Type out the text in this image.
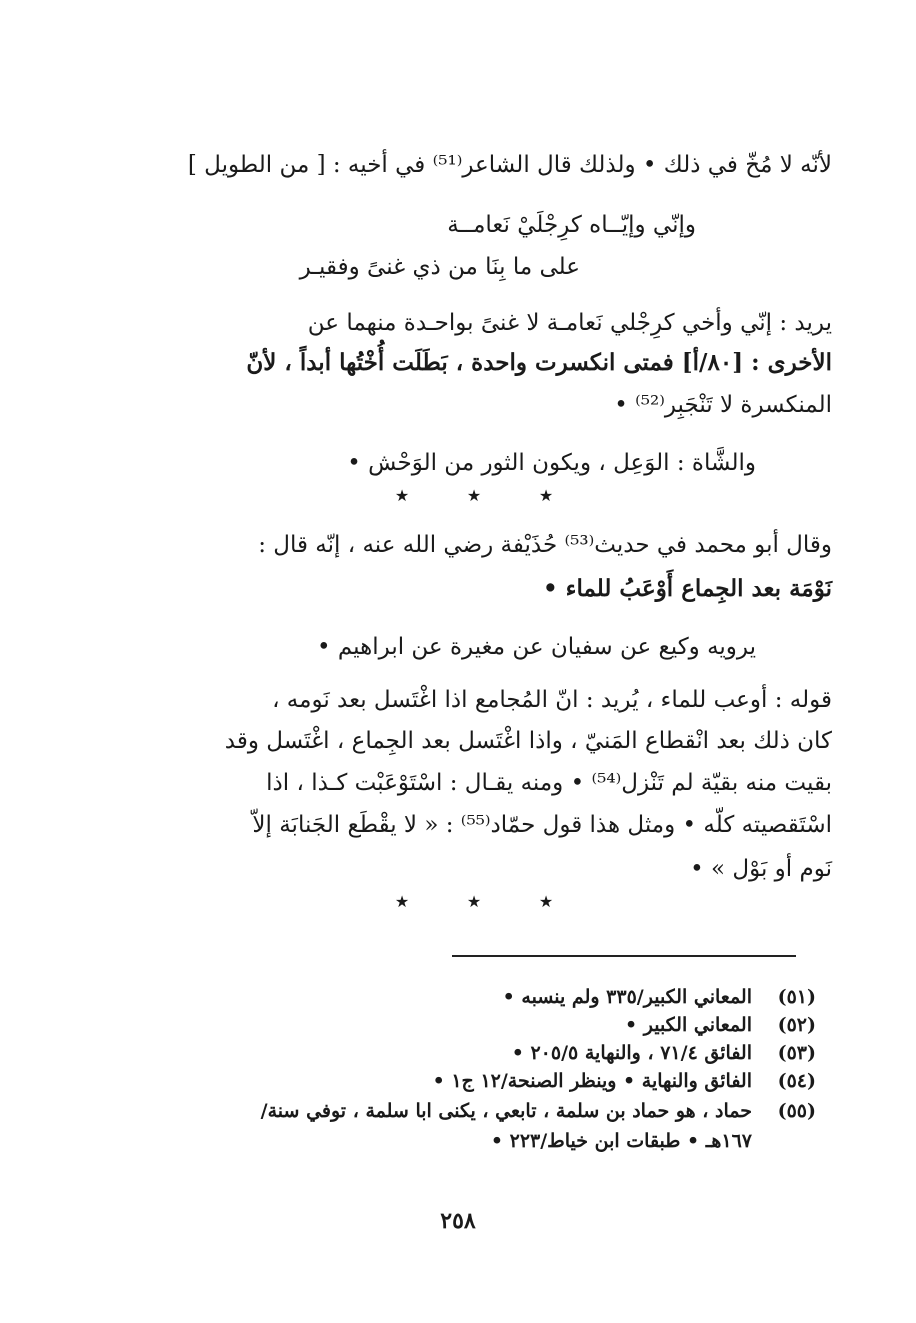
لأنّه لا مُخّ في ذلك • ولذلك قال الشاعر⁽⁵¹⁾ في أخيه : [ من الطويل ]
وإنّي وإيّــاه كرِجْلَيْ نَعامــة
على ما بِنَا من ذي غنىً وفقيـر
يريد : إنّي وأخي كرِجْلي نَعامـة لا غنىً بواحـدة منهما عن
الأخرى : [٨٠/أ] فمتى انكسرت واحدة ، بَطَلَت أُخْتُها أبداً ، لأنّ
المنكسرة لا تَنْجَبِر⁽⁵²⁾ •
والشَّاة : الوَعِل ، ويكون الثور من الوَحْش •
★	★	★
وقال أبو محمد في حديث⁽⁵³⁾ حُذَيْفة رضي الله عنه ، إنّه قال :
نَوْمَة بعد الجِماع أَوْعَبُ للماء •
يرويه وكيع عن سفيان عن مغيرة عن ابراهيم •
قوله : أوعب للماء ، يُريد : انّ المُجامع اذا اغْتَسل بعد نَومه ،
كان ذلك بعد انْقطاع المَنيّ ، واذا اغْتَسل بعد الجِماع ، اغْتَسل وقد
بقيت منه بقيّة لم تَنْزل⁽⁵⁴⁾ • ومنه يقـال : اسْتَوْعَبْت كـذا ، اذا
اسْتَقصيته كلّه • ومثل هذا قول حمّاد⁽⁵⁵⁾ : « لا يقْطَع الجَنابَة إلاّ
نَوم أو بَوْل » •
★	★	★
(٥١)المعاني الكبير/٣٣٥ ولم ينسبه •
(٥٢)المعاني الكبير •
(٥٣)الفائق ٧١/٤ ، والنهاية ٢٠٥/٥ •
(٥٤)الفائق والنهاية • وينظر الصنحة/١٢ ج١ •
(٥٥)حماد ، هو حماد بن سلمة ، تابعي ، يكنى ابا سلمة ، توفي سنة/
١٦٧هـ • طبقات ابن خياط/٢٢٣ •
٢٥٨
